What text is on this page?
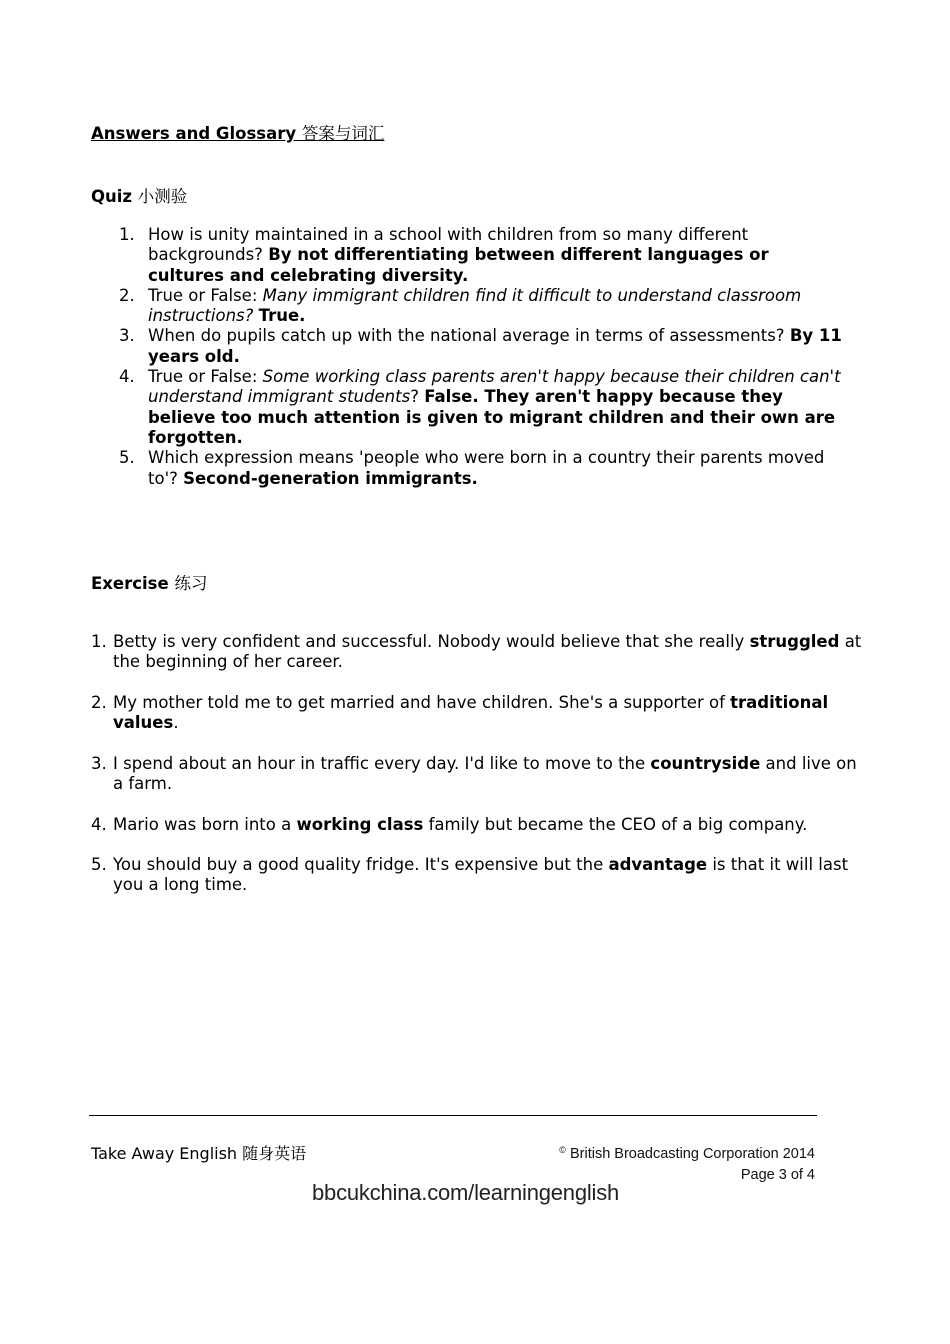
Answers and Glossary 答案与词汇
Quiz 小测验
1. How is unity maintained in a school with children from so many different backgrounds? By not differentiating between different languages or cultures and celebrating diversity.
2. True or False: Many immigrant children find it difficult to understand classroom instructions? True.
3. When do pupils catch up with the national average in terms of assessments? By 11 years old.
4. True or False: Some working class parents aren't happy because their children can't understand immigrant students? False. They aren't happy because they believe too much attention is given to migrant children and their own are forgotten.
5. Which expression means 'people who were born in a country their parents moved to'? Second-generation immigrants.
Exercise 练习
1. Betty is very confident and successful. Nobody would believe that she really struggled at the beginning of her career.
2. My mother told me to get married and have children. She's a supporter of traditional values.
3. I spend about an hour in traffic every day. I'd like to move to the countryside and live on a farm.
4. Mario was born into a working class family but became the CEO of a big company.
5. You should buy a good quality fridge. It's expensive but the advantage is that it will last you a long time.
Take Away English 随身英语	© British Broadcasting Corporation 2014
Page 3 of 4
bbcukchina.com/learningenglish
